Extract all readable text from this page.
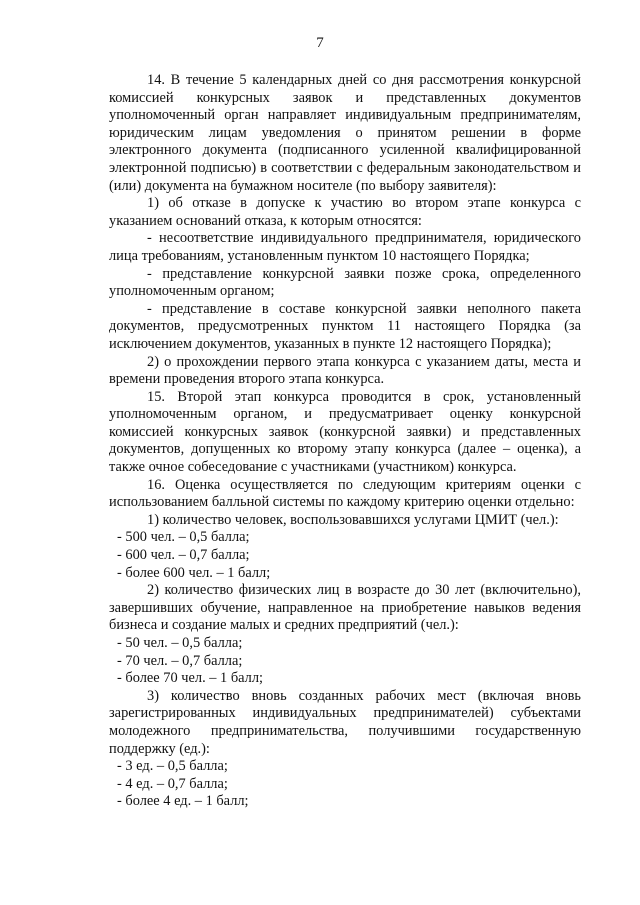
7

14. В течение 5 календарных дней со дня рассмотрения конкурсной комиссией конкурсных заявок и представленных документов уполномоченный орган направляет индивидуальным предпринимателям, юридическим лицам уведомления о принятом решении в форме электронного документа (подписанного усиленной квалифицированной электронной подписью) в соответствии с федеральным законодательством и (или) документа на бумажном носителе (по выбору заявителя):

1) об отказе в допуске к участию во втором этапе конкурса с указанием оснований отказа, к которым относятся:

- несоответствие индивидуального предпринимателя, юридического лица требованиям, установленным пунктом 10 настоящего Порядка;

- представление конкурсной заявки позже срока, определенного уполномоченным органом;

- представление в составе конкурсной заявки неполного пакета документов, предусмотренных пунктом 11 настоящего Порядка (за исключением документов, указанных в пункте 12 настоящего Порядка);

2) о прохождении первого этапа конкурса с указанием даты, места и времени проведения второго этапа конкурса.

15. Второй этап конкурса проводится в срок, установленный уполномоченным органом, и предусматривает оценку конкурсной комиссией конкурсных заявок (конкурсной заявки) и представленных документов, допущенных ко второму этапу конкурса (далее – оценка), а также очное собеседование с участниками (участником) конкурса.

16. Оценка осуществляется по следующим критериям оценки с использованием балльной системы по каждому критерию оценки отдельно:

1) количество человек, воспользовавшихся услугами ЦМИТ (чел.):

- 500 чел. – 0,5 балла;

- 600 чел. – 0,7 балла;

- более 600 чел. – 1 балл;

2) количество физических лиц в возрасте до 30 лет (включительно), завершивших обучение, направленное на приобретение навыков ведения бизнеса и создание малых и средних предприятий (чел.):

- 50 чел. – 0,5 балла;

- 70 чел. – 0,7 балла;

- более 70 чел. – 1 балл;

3) количество вновь созданных рабочих мест (включая вновь зарегистрированных индивидуальных предпринимателей) субъектами молодежного предпринимательства, получившими государственную поддержку (ед.):

- 3 ед. – 0,5 балла;

- 4 ед. – 0,7 балла;

- более 4 ед. – 1 балл;
